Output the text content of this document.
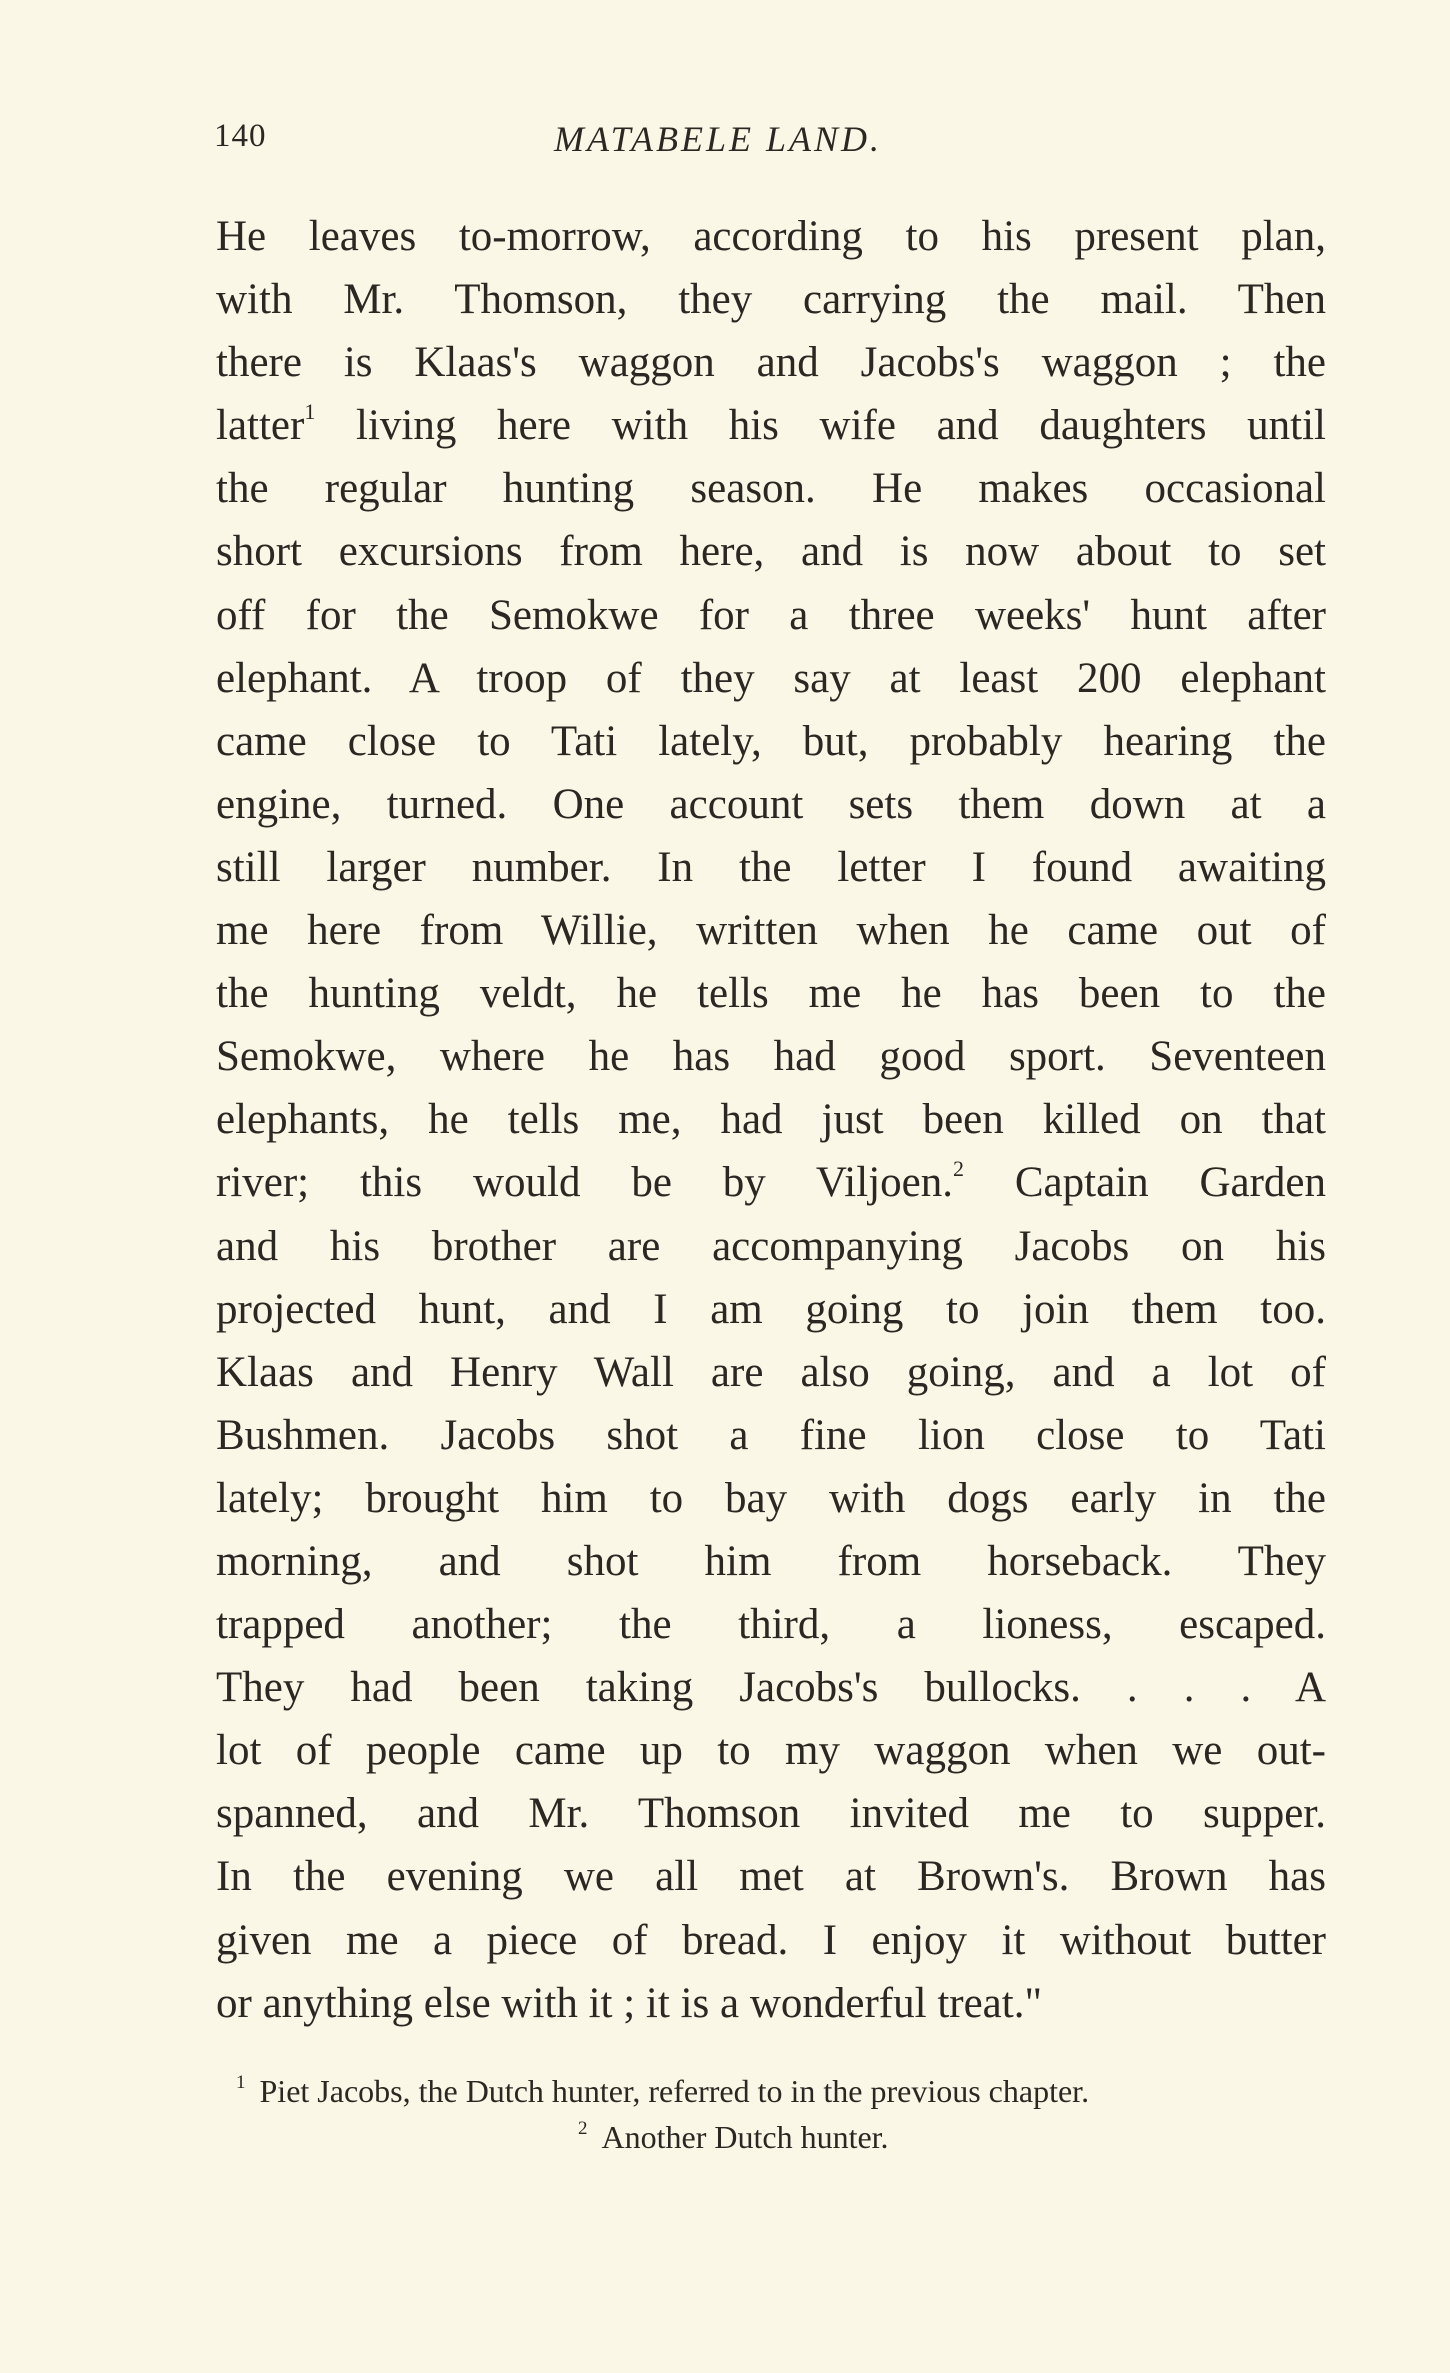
140	MATABELE LAND.
He leaves to-morrow, according to his present plan,
with Mr. Thomson, they carrying the mail. Then
there is Klaas's waggon and Jacobs's waggon ; the
latter$^1$ living here with his wife and daughters until
the regular hunting season. He makes occasional
short excursions from here, and is now about to set
off for the Semokwe for a three weeks' hunt after
elephant. A troop of they say at least 200 elephant
came close to Tati lately, but, probably hearing the
engine, turned. One account sets them down at a
still larger number. In the letter I found awaiting
me here from Willie, written when he came out of
the hunting veldt, he tells me he has been to the
Semokwe, where he has had good sport. Seventeen
elephants, he tells me, had just been killed on that
river; this would be by Viljoen.$^2$ Captain Garden
and his brother are accompanying Jacobs on his
projected hunt, and I am going to join them too.
Klaas and Henry Wall are also going, and a lot of
Bushmen. Jacobs shot a fine lion close to Tati
lately; brought him to bay with dogs early in the
morning, and shot him from horseback. They
trapped another; the third, a lioness, escaped.
They had been taking Jacobs's bullocks. . . . A
lot of people came up to my waggon when we out-
spanned, and Mr. Thomson invited me to supper.
In the evening we all met at Brown's. Brown has
given me a piece of bread. I enjoy it without butter
or anything else with it ; it is a wonderful treat."
$^1$ Piet Jacobs, the Dutch hunter, referred to in the previous chapter.
$^2$ Another Dutch hunter.
